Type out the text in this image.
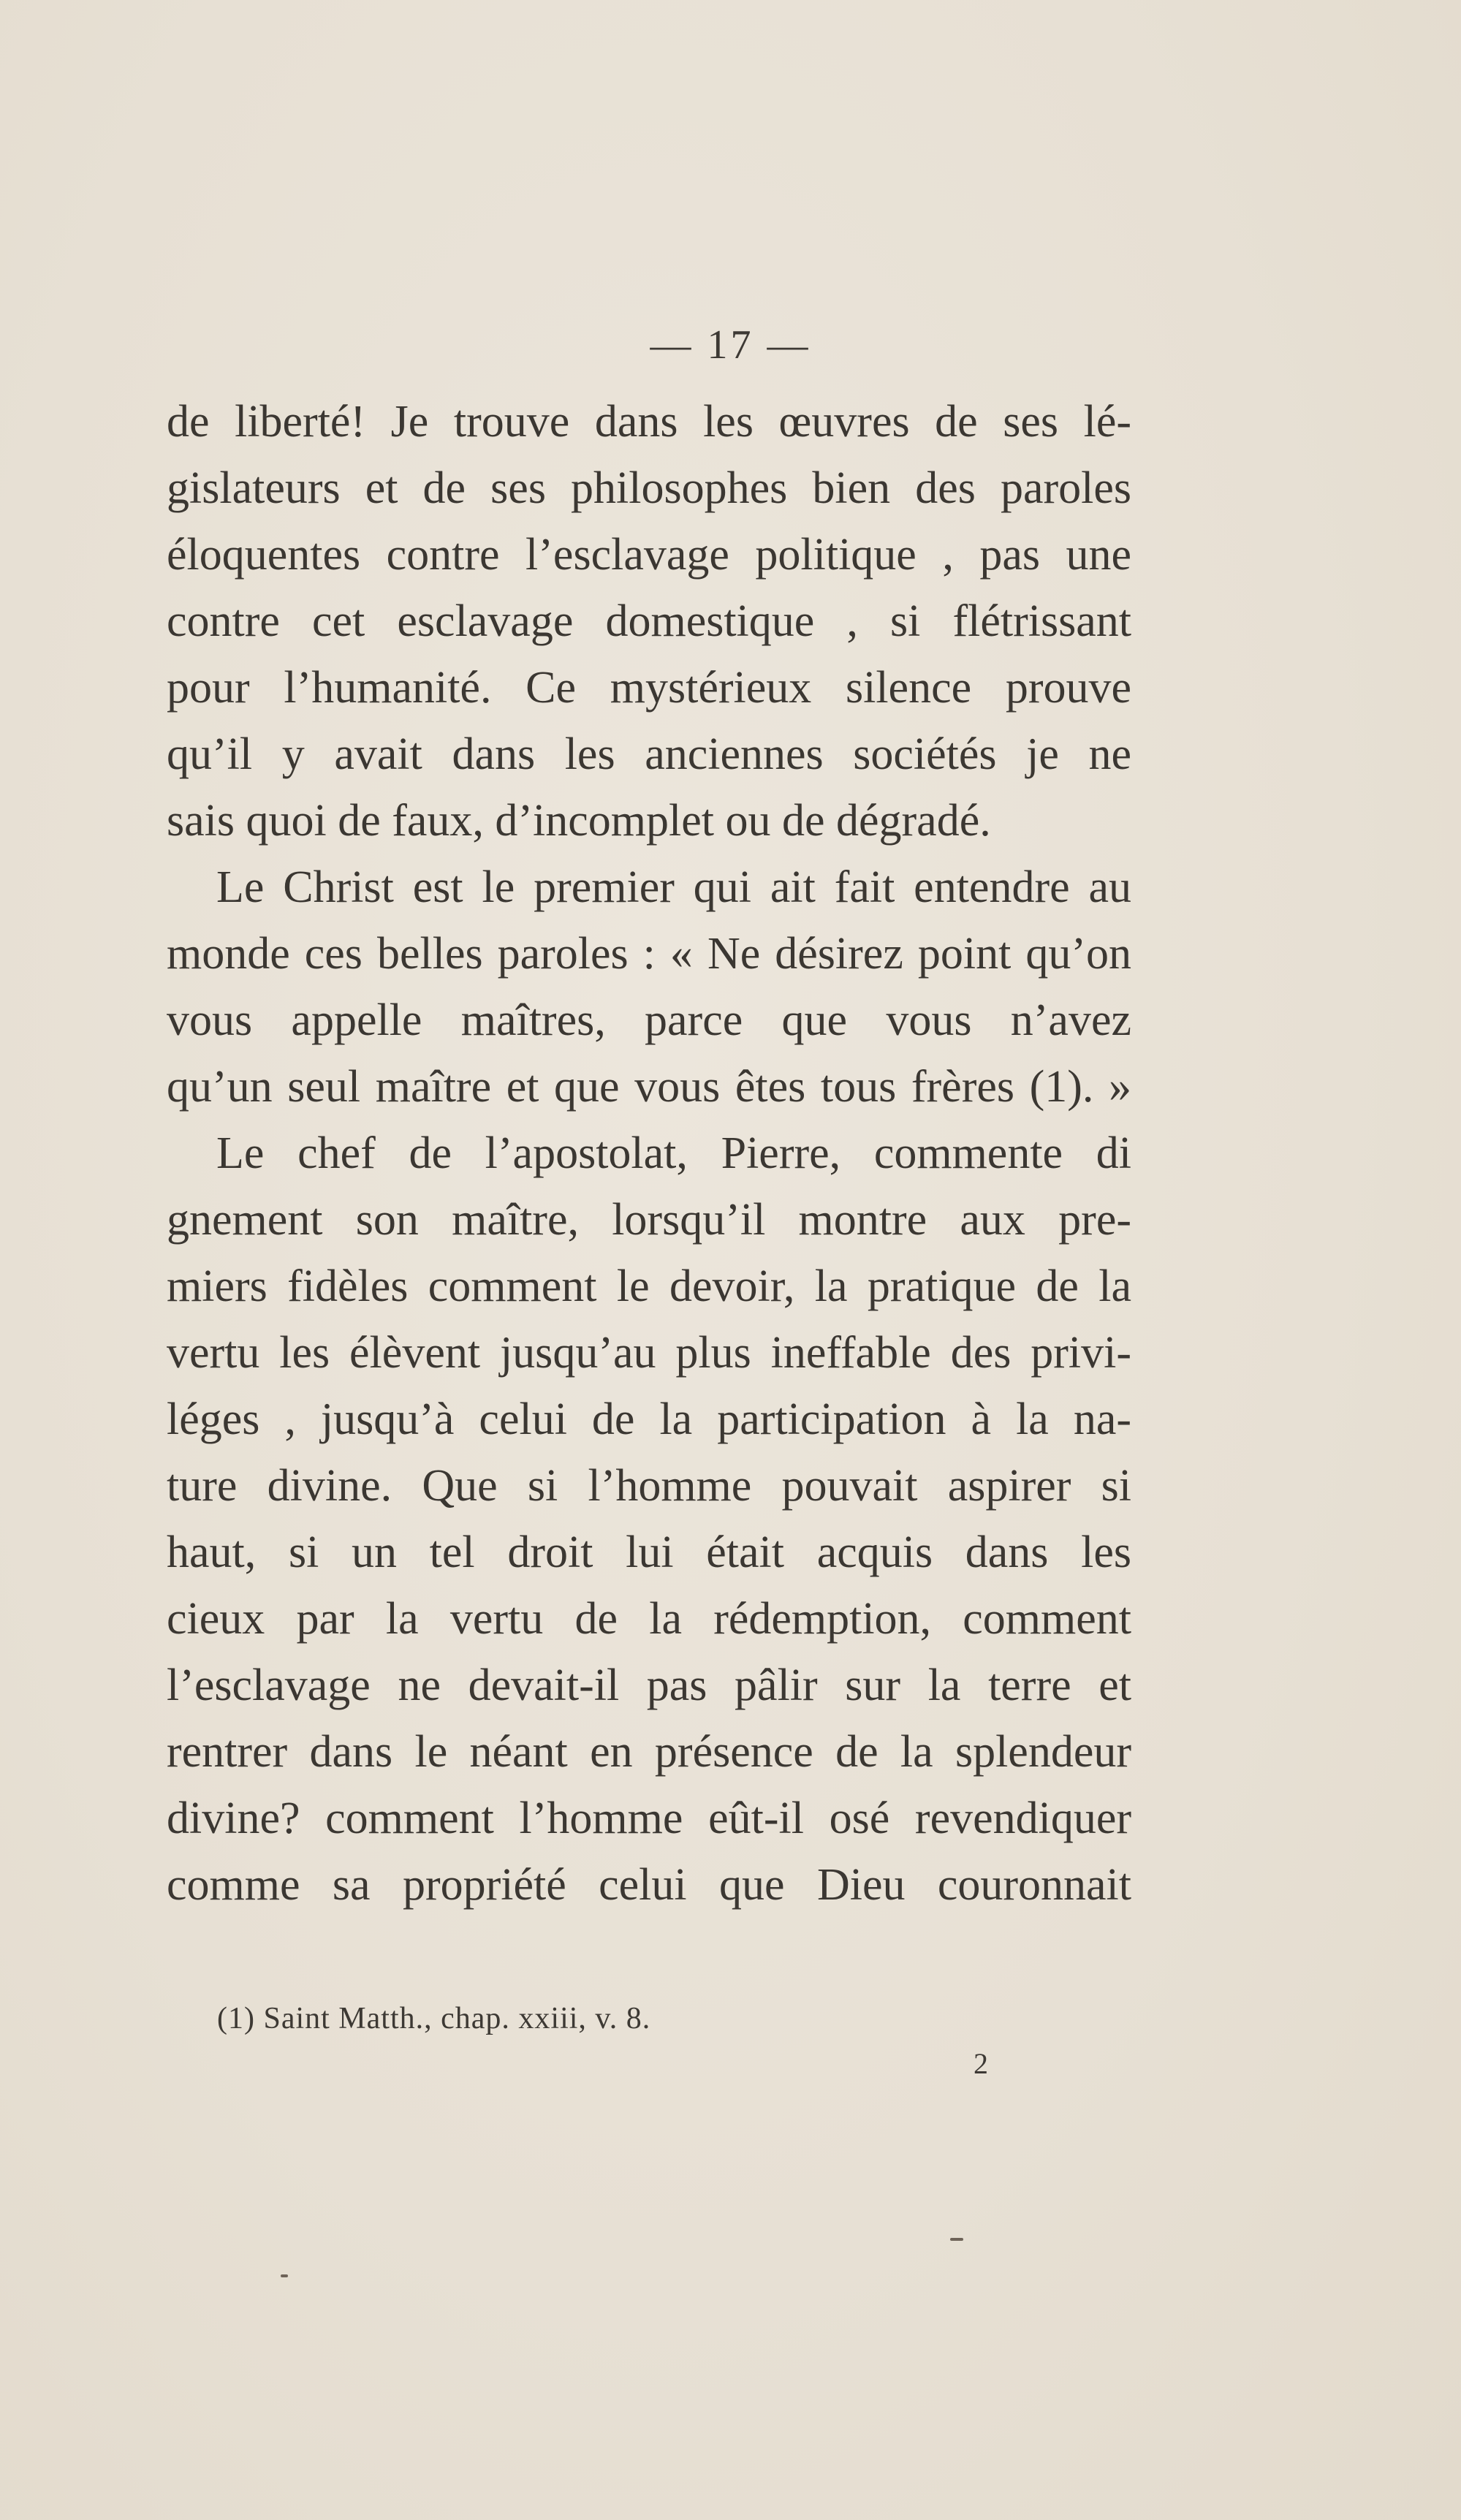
— 17 —
de liberté! Je trouve dans les œuvres de ses lé-
gislateurs et de ses philosophes bien des paroles
éloquentes contre l’esclavage politique , pas une
contre cet esclavage domestique , si flétrissant
pour l’humanité. Ce mystérieux silence prouve
qu’il y avait dans les anciennes sociétés je ne
sais quoi de faux, d’incomplet ou de dégradé.
Le Christ est le premier qui ait fait entendre au
monde ces belles paroles : « Ne désirez point qu’on
vous appelle maîtres, parce que vous n’avez
qu’un seul maître et que vous êtes tous frères (1). »
Le chef de l’apostolat, Pierre, commente di
gnement son maître, lorsqu’il montre aux pre-
miers fidèles comment le devoir, la pratique de la
vertu les élèvent jusqu’au plus ineffable des privi-
léges , jusqu’à celui de la participation à la na-
ture divine. Que si l’homme pouvait aspirer si
haut, si un tel droit lui était acquis dans les
cieux par la vertu de la rédemption, comment
l’esclavage ne devait-il pas pâlir sur la terre et
rentrer dans le néant en présence de la splendeur
divine? comment l’homme eût-il osé revendiquer
comme sa propriété celui que Dieu couronnait
(1) Saint Matth., chap. xxiii, v. 8.
2
